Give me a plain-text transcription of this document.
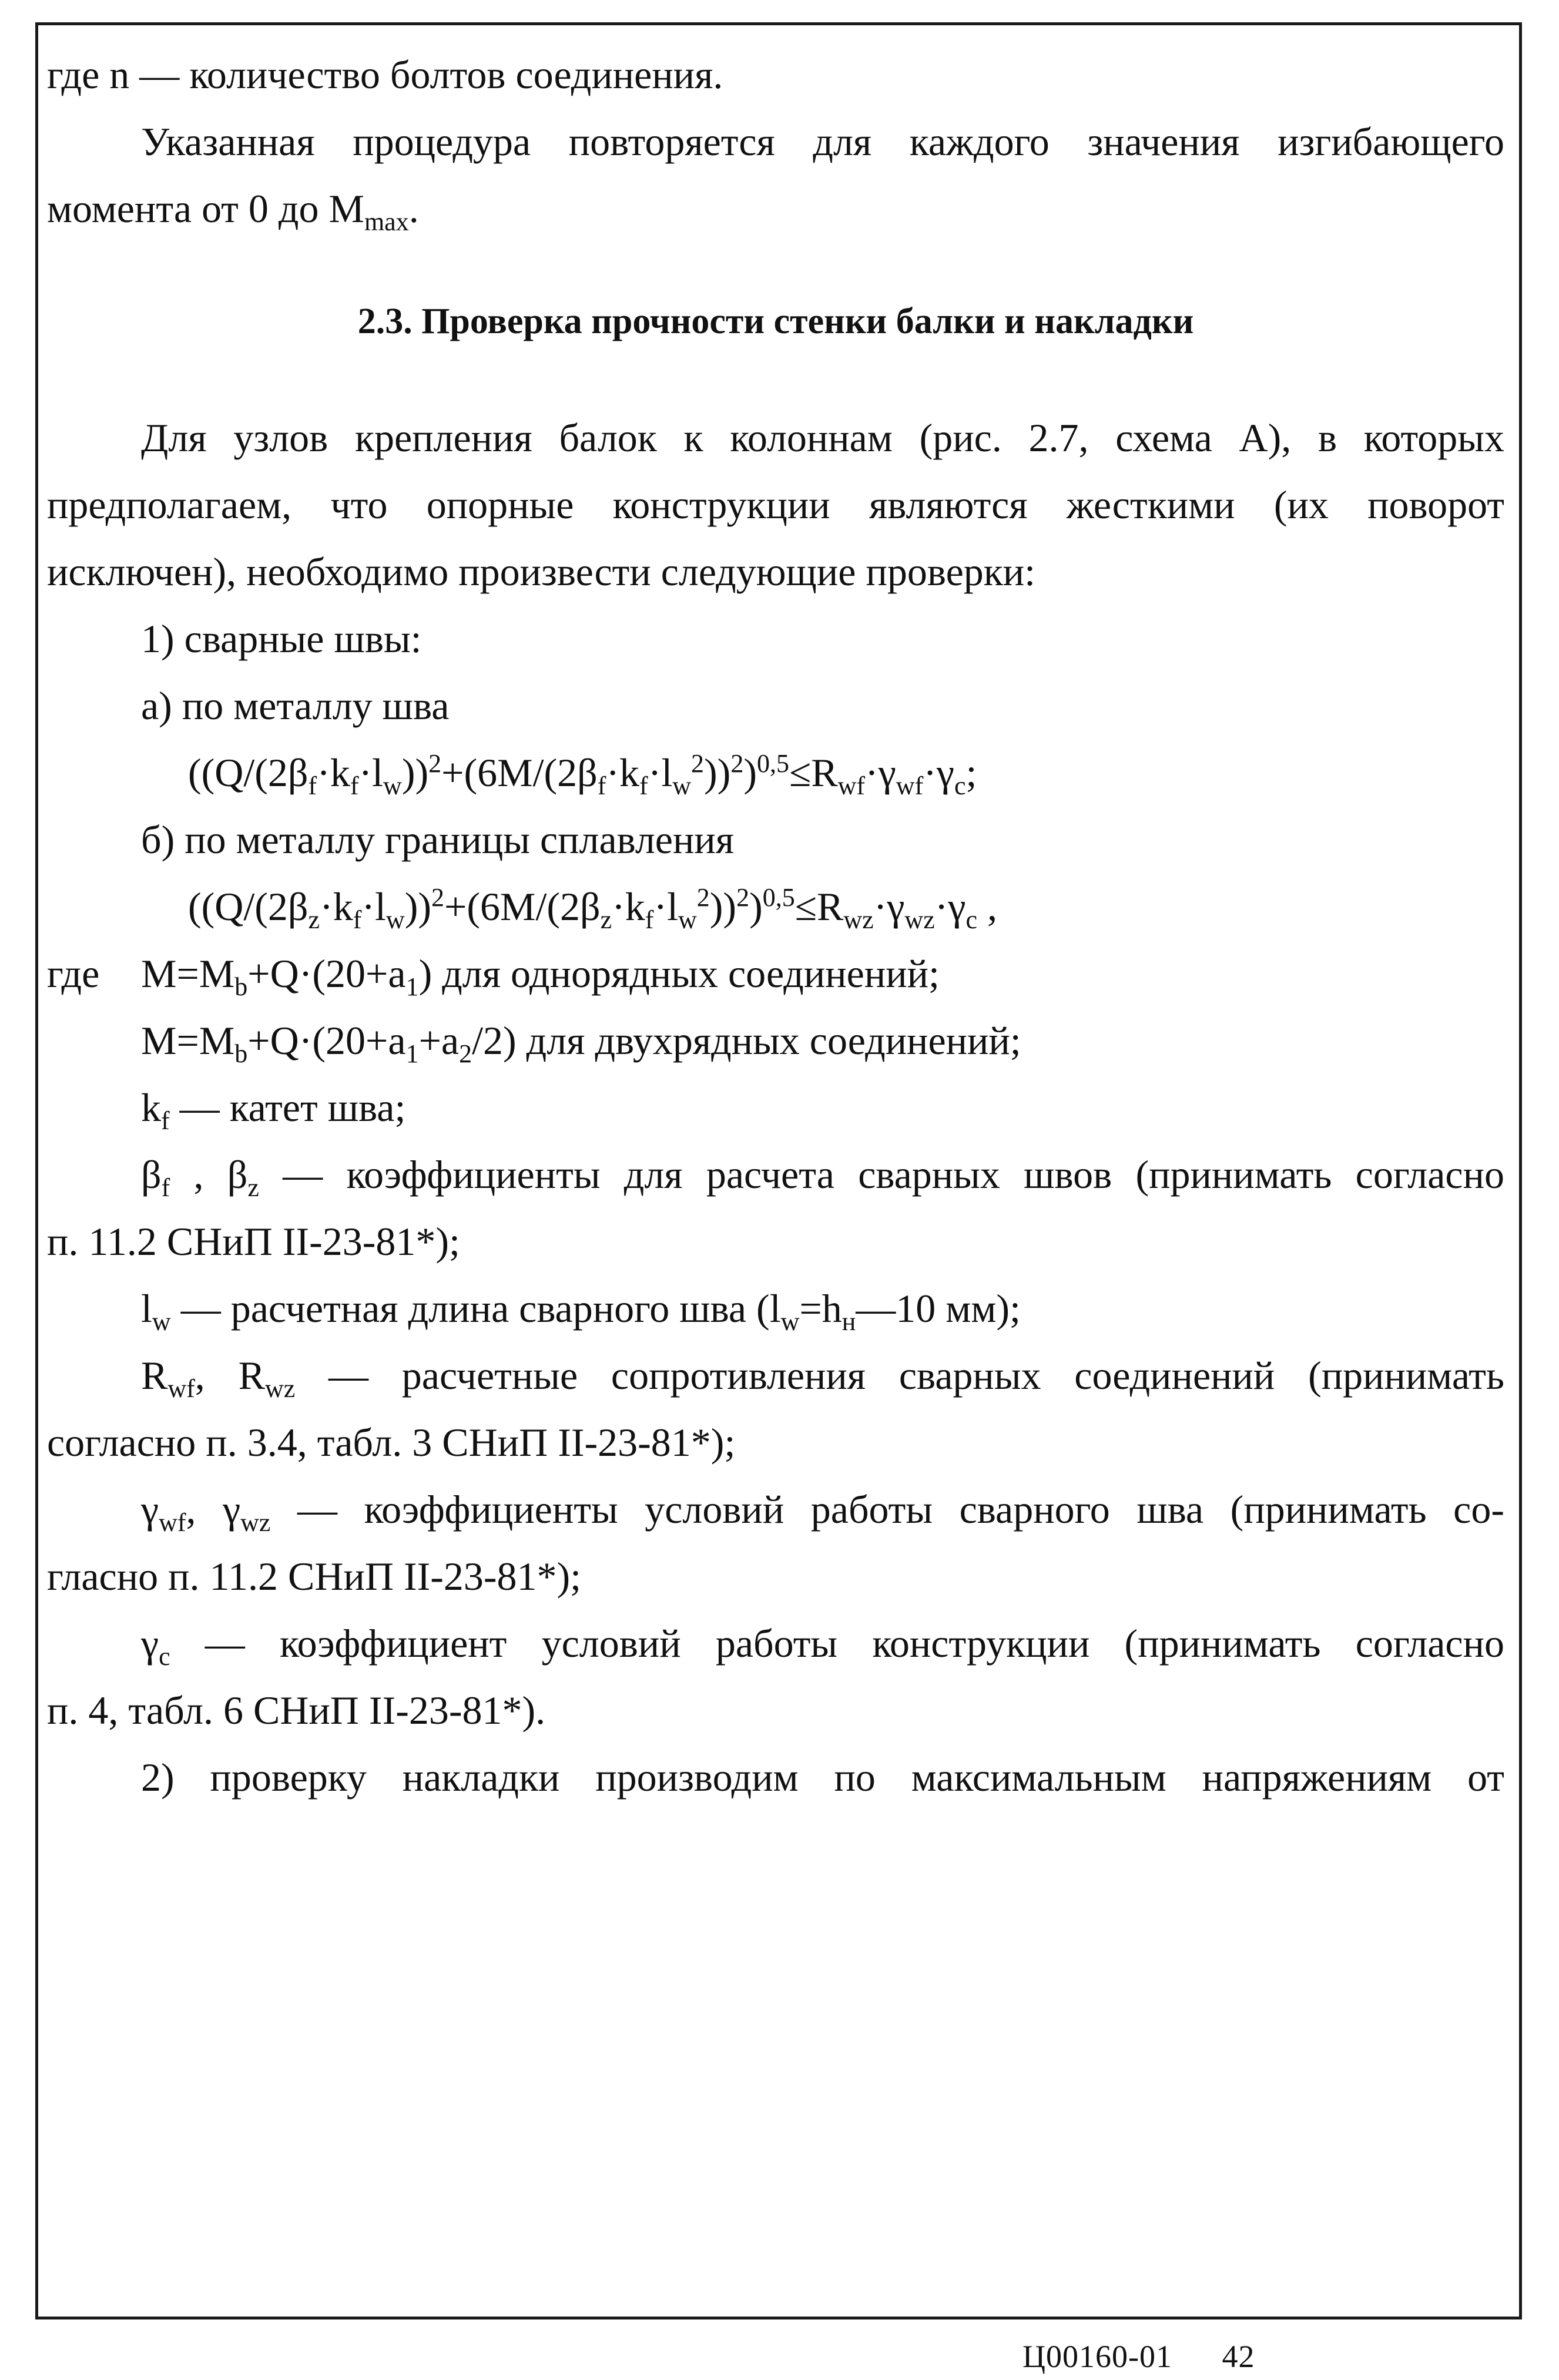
где n — количество болтов соединения.

Указанная процедура повторяется для каждого значения изгибающего

момента от 0 до $M_{max}$.

2.3. Проверка прочности стенки балки и накладки

Для узлов крепления балок к колоннам (рис. 2.7, схема А), в которых

предполагаем, что опорные конструкции являются жесткими (их поворот

исключен), необходимо произвести следующие проверки:

1) сварные швы:

а) по металлу шва

$((Q/(2\beta_f\cdot k_f\cdot l_w))^2+(6M/(2\beta_f\cdot k_f\cdot l_w^2))^2)^{0,5}\le R_{wf}\cdot\gamma_{wf}\cdot\gamma_c$;

б) по металлу границы сплавления

$((Q/(2\beta_z\cdot k_f\cdot l_w))^2+(6M/(2\beta_z\cdot k_f\cdot l_w^2))^2)^{0,5}\le R_{wz}\cdot\gamma_{wz}\cdot\gamma_c$ ,

где $M=M_b+Q\cdot(20+a_1)$ для однорядных соединений;

$M=M_b+Q\cdot(20+a_1+a_2/2)$ для двухрядных соединений;

$k_f$ — катет шва;

$\beta_f$ , $\beta_z$ — коэффициенты для расчета сварных швов (принимать согласно

п. 11.2 СНиП II-23-81*);

$l_w$ — расчетная длина сварного шва ($l_w=h_н—10$ мм);

$R_{wf}$, $R_{wz}$ — расчетные сопротивления сварных соединений (принимать

согласно п. 3.4, табл. 3 СНиП II-23-81*);

$\gamma_{wf}$, $\gamma_{wz}$ — коэффициенты условий работы сварного шва (принимать со-

гласно п. 11.2 СНиП II-23-81*);

$\gamma_c$ — коэффициент условий работы конструкции (принимать согласно

п. 4, табл. 6 СНиП II-23-81*).

2) проверку накладки производим по максимальным напряжениям от

Ц00160-01 42
